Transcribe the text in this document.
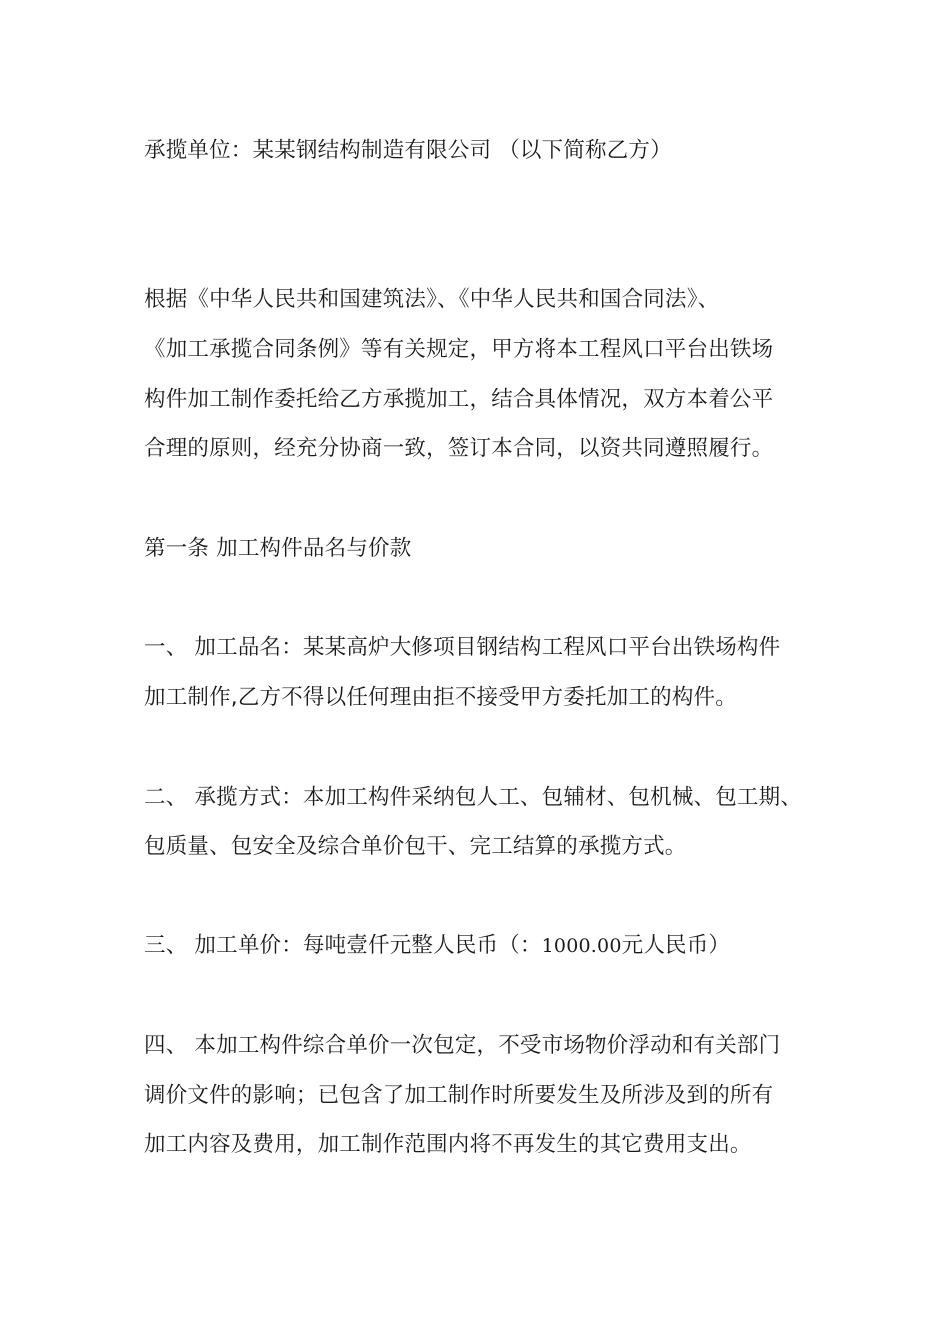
承揽单位：某某钢结构制造有限公司 （以下简称乙方）
根据《中华人民共和国建筑法》、《中华人民共和国合同法》、
《加工承揽合同条例》等有关规定，甲方将本工程风口平台出铁场
构件加工制作委托给乙方承揽加工，结合具体情况，双方本着公平
合理的原则，经充分协商一致，签订本合同，以资共同遵照履行。
第一条 加工构件品名与价款
一、 加工品名：某某高炉大修项目钢结构工程风口平台出铁场构件
加工制作,乙方不得以任何理由拒不接受甲方委托加工的构件。
二、 承揽方式：本加工构件采纳包人工、包辅材、包机械、包工期、
包质量、包安全及综合单价包干、完工结算的承揽方式。
三、 加工单价：每吨壹仟元整人民币（：1000.00元人民币）
四、 本加工构件综合单价一次包定，不受市场物价浮动和有关部门
调价文件的影响；已包含了加工制作时所要发生及所涉及到的所有
加工内容及费用，加工制作范围内将不再发生的其它费用支出。
